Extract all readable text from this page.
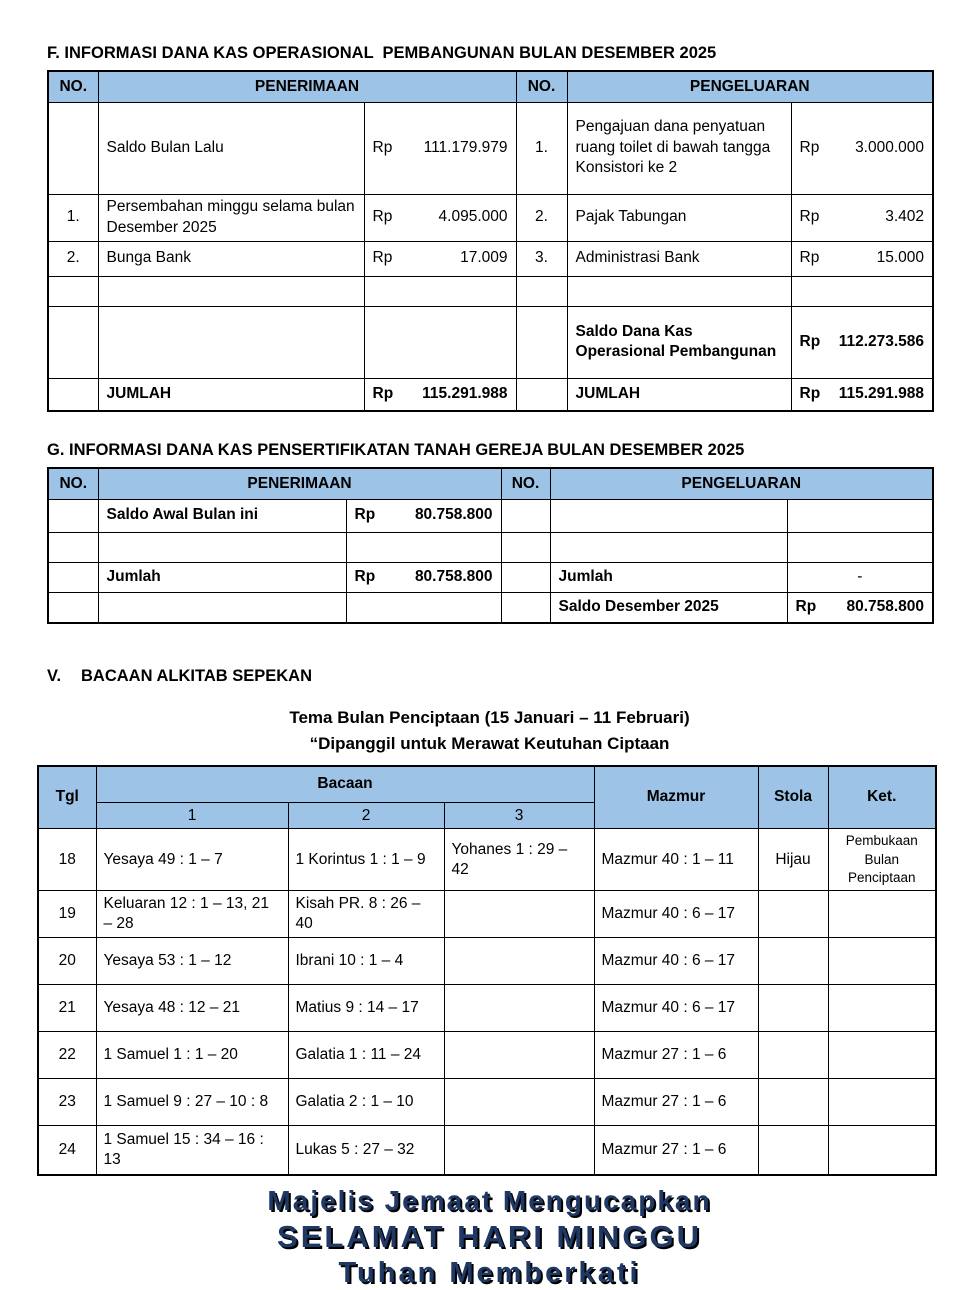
F. INFORMASI DANA KAS OPERASIONAL  PEMBANGUNAN BULAN DESEMBER 2025
NO.	PENERIMAAN		NO.	PENGELUARAN	
	Saldo Bulan Lalu	Rp 111.179.979	1.	Pengajuan dana penyatuan ruang toilet di bawah tangga Konsistori ke 2	Rp 3.000.000

1.	Persembahan minggu selama bulan Desember 2025	Rp 4.095.000	2.	Pajak Tabungan	Rp 3.402

2.	Bunga Bank	Rp 17.009	3.	Administrasi Bank	Rp 15.000

				Saldo Dana Kas Operasional Pembangunan	Rp 112.273.586

	JUMLAH	Rp 115.291.988		JUMLAH	Rp 115.291.988
G. INFORMASI DANA KAS PENSERTIFIKATAN TANAH GEREJA BULAN DESEMBER 2025
NO.	PENERIMAAN		NO.	PENGELUARAN	
	Saldo Awal Bulan ini	Rp 80.758.800			

	Jumlah	Rp 80.758.800		Jumlah	-
				Saldo Desember 2025	Rp 80.758.800
V.	BACAAN ALKITAB SEPEKAN
Tema Bulan Penciptaan (15 Januari – 11 Februari)
“Dipanggil untuk Merawat Keutuhan Ciptaan
Tgl	Bacaan			Mazmur	Stola	Ket.
	1	2	3			
18	Yesaya 49 : 1 – 7	1 Korintus 1 : 1 – 9	Yohanes 1 : 29 – 42	Mazmur 40 : 1 – 11	Hijau	Pembukaan Bulan Penciptaan
19	Keluaran 12 : 1 – 13, 21 – 28	Kisah PR. 8 : 26 – 40		Mazmur 40 : 6 – 17		
20	Yesaya 53 : 1 – 12	Ibrani 10 : 1 – 4		Mazmur 40 : 6 – 17		
21	Yesaya 48 : 12 – 21	Matius 9 : 14 – 17		Mazmur 40 : 6 – 17		
22	1 Samuel 1 : 1 – 20	Galatia 1 : 11 – 24		Mazmur 27 : 1 – 6		
23	1 Samuel 9 : 27 – 10 : 8	Galatia 2 : 1 – 10		Mazmur 27 : 1 – 6		
24	1 Samuel 15 : 34 – 16 : 13	Lukas 5 : 27 – 32		Mazmur 27 : 1 – 6		
Majelis Jemaat Mengucapkan
SELAMAT HARI MINGGU
Tuhan Memberkati
